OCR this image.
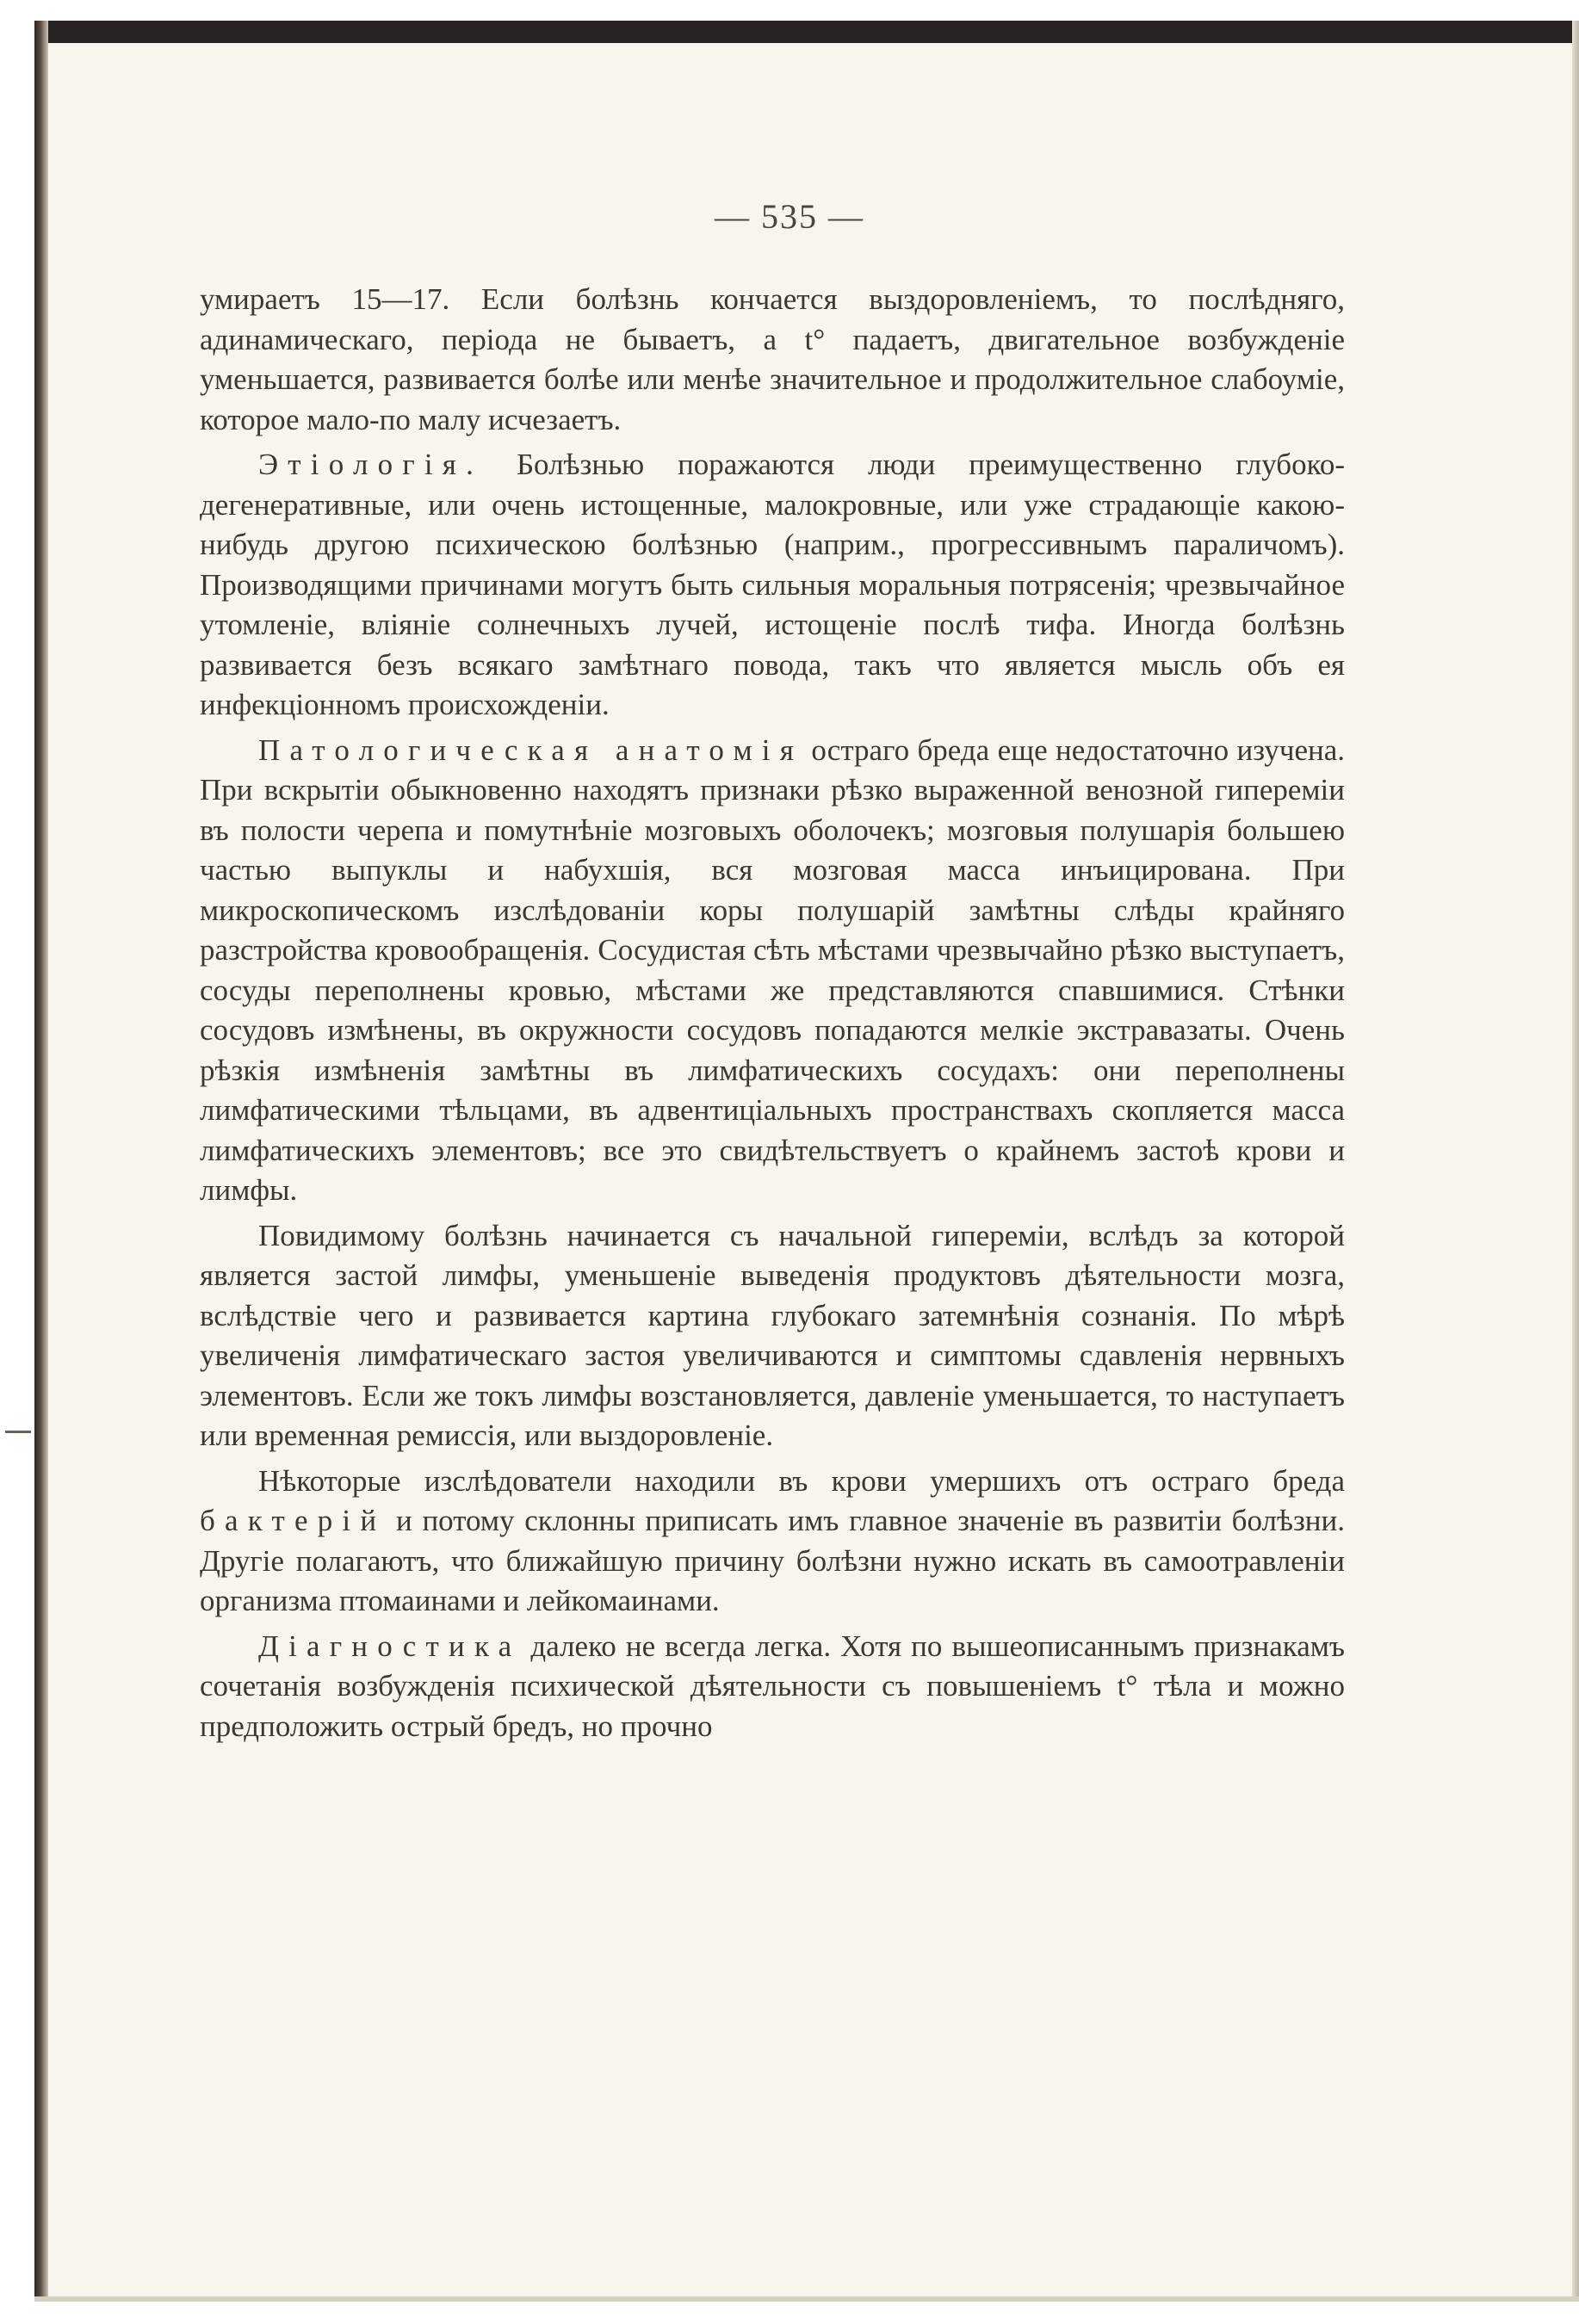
— 535 —

умираетъ 15—17. Если болѣзнь кончается выздоровленіемъ, то послѣдняго, адинамическаго, періода не бываетъ, а t° падаетъ, двигательное возбужденіе уменьшается, развивается болѣе или менѣе значительное и продолжительное слабоуміе, которое мало-по малу исчезаетъ.

Этіологія. Болѣзнью поражаются люди преимущественно глубоко-дегенеративные, или очень истощенные, малокровные, или уже страдающіе какою-нибудь другою психическою болѣзнью (наприм., прогрессивнымъ параличомъ). Производящими причинами могутъ быть сильныя моральныя потрясенія; чрезвычайное утомленіе, вліяніе солнечныхъ лучей, истощеніе послѣ тифа. Иногда болѣзнь развивается безъ всякаго замѣтнаго повода, такъ что является мысль объ ея инфекціонномъ происхожденіи.

Патологическая анатомія остраго бреда еще недостаточно изучена. При вскрытіи обыкновенно находятъ признаки рѣзко выраженной венозной гипереміи въ полости черепа и помутнѣніе мозговыхъ оболочекъ; мозговыя полушарія большею частью выпуклы и набухшія, вся мозговая масса инъицирована. При микроскопическомъ изслѣдованіи коры полушарій замѣтны слѣды крайняго разстройства кровообращенія. Сосудистая сѣть мѣстами чрезвычайно рѣзко выступаетъ, сосуды переполнены кровью, мѣстами же представляются спавшимися. Стѣнки сосудовъ измѣнены, въ окружности сосудовъ попадаются мелкіе экстравазаты. Очень рѣзкія измѣненія замѣтны въ лимфатическихъ сосудахъ: они переполнены лимфатическими тѣльцами, въ адвентиціальныхъ пространствахъ скопляется масса лимфатическихъ элементовъ; все это свидѣтельствуетъ о крайнемъ застоѣ крови и лимфы.

Повидимому болѣзнь начинается съ начальной гипереміи, вслѣдъ за которой является застой лимфы, уменьшеніе выведенія продуктовъ дѣятельности мозга, вслѣдствіе чего и развивается картина глубокаго затемнѣнія сознанія. По мѣрѣ увеличенія лимфатическаго застоя увеличиваются и симптомы сдавленія нервныхъ элементовъ. Если же токъ лимфы возстановляется, давленіе уменьшается, то наступаетъ или временная ремиссія, или выздоровленіе.

Нѣкоторые изслѣдователи находили въ крови умершихъ отъ остраго бреда бактерій и потому склонны приписать имъ главное значеніе въ развитіи болѣзни. Другіе полагаютъ, что ближайшую причину болѣзни нужно искать въ самоотравленіи организма птомаинами и лейкомаинами.

Діагностика далеко не всегда легка. Хотя по вышеописаннымъ признакамъ сочетанія возбужденія психической дѣятельности съ повышеніемъ t° тѣла и можно предположить острый бредъ, но прочно
